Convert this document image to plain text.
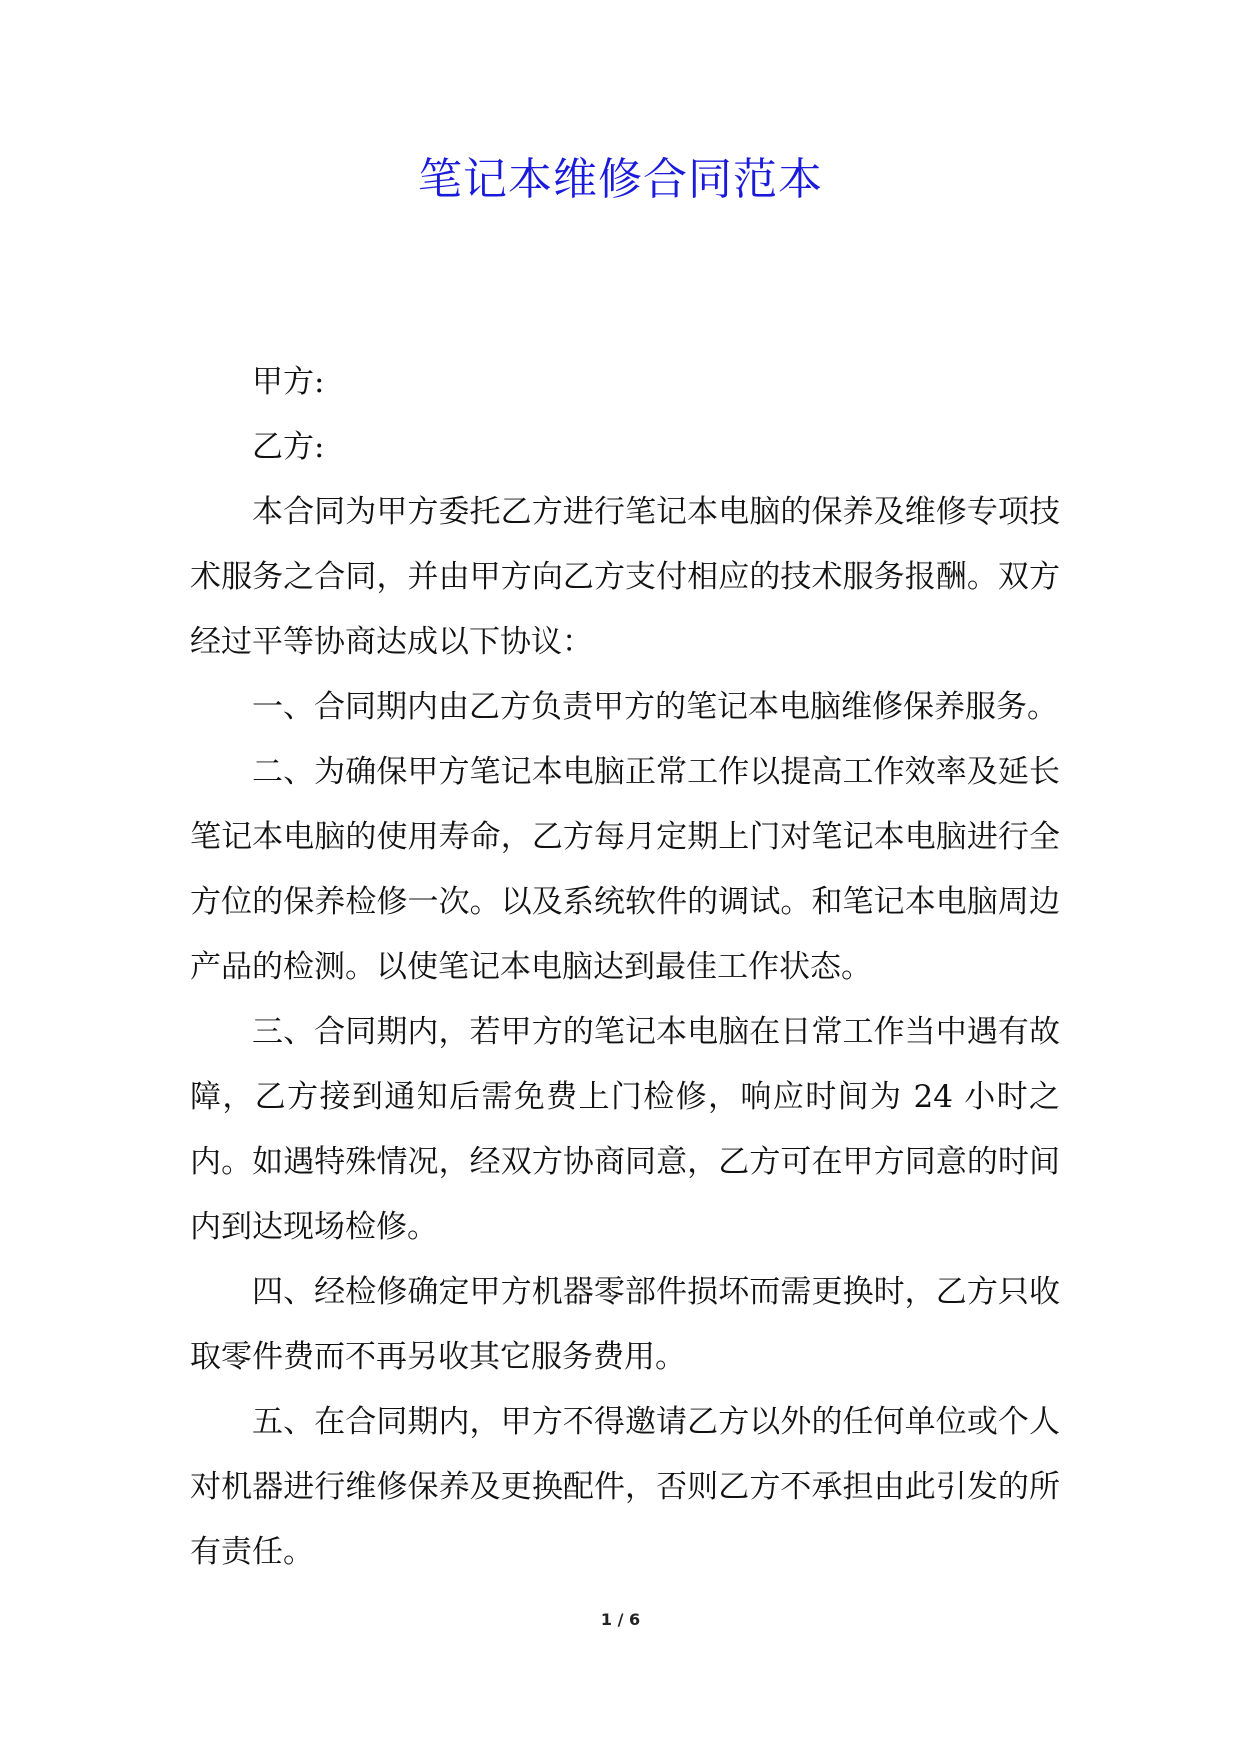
笔记本维修合同范本

甲方:

乙方:

本合同为甲方委托乙方进行笔记本电脑的保养及维修专项技术服务之合同，并由甲方向乙方支付相应的技术服务报酬。双方经过平等协商达成以下协议：

一、合同期内由乙方负责甲方的笔记本电脑维修保养服务。

二、为确保甲方笔记本电脑正常工作以提高工作效率及延长笔记本电脑的使用寿命，乙方每月定期上门对笔记本电脑进行全方位的保养检修一次。以及系统软件的调试。和笔记本电脑周边产品的检测。以使笔记本电脑达到最佳工作状态。

三、合同期内，若甲方的笔记本电脑在日常工作当中遇有故障，乙方接到通知后需免费上门检修，响应时间为 24 小时之内。如遇特殊情况，经双方协商同意，乙方可在甲方同意的时间内到达现场检修。

四、经检修确定甲方机器零部件损坏而需更换时，乙方只收取零件费而不再另收其它服务费用。

五、在合同期内，甲方不得邀请乙方以外的任何单位或个人对机器进行维修保养及更换配件，否则乙方不承担由此引发的所有责任。

1 / 6
